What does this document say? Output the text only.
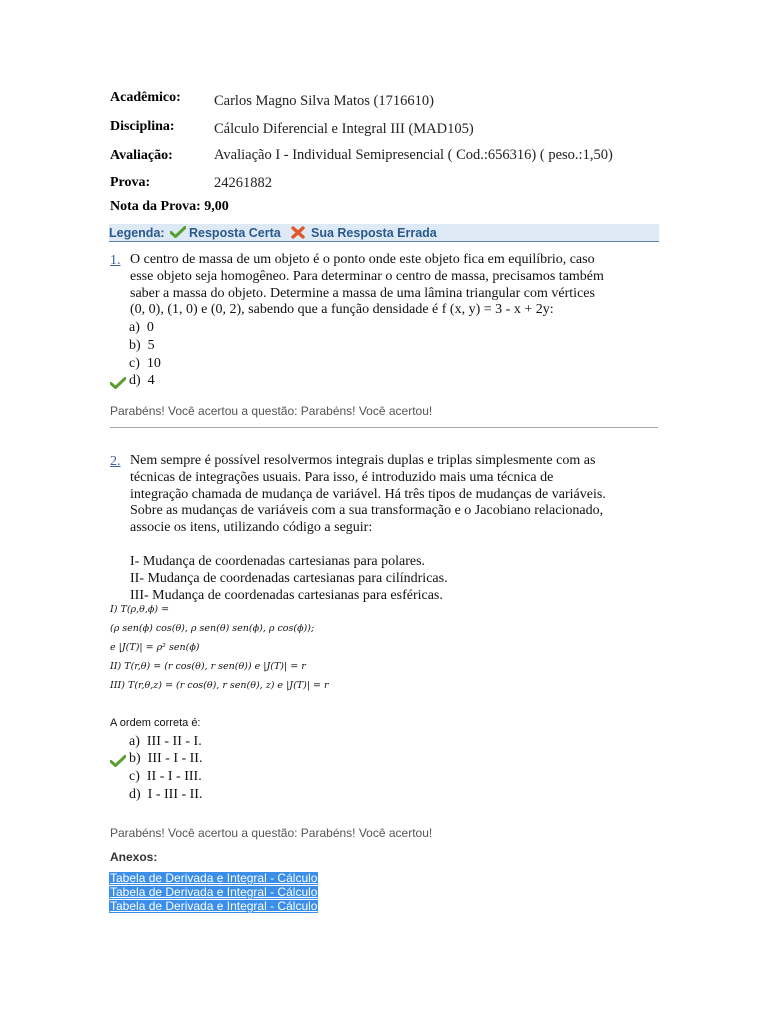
Acadêmico: Carlos Magno Silva Matos (1716610)
Disciplina:	Cálculo Diferencial e Integral III (MAD105)
Avaliação:	Avaliação I - Individual Semipresencial ( Cod.:656316) ( peso.:1,50)
Prova:	24261882
Nota da Prova: 9,00
Legenda: Resposta Certa Sua Resposta Errada
1. O centro de massa de um objeto é o ponto onde este objeto fica em equilíbrio, caso
esse objeto seja homogêneo. Para determinar o centro de massa, precisamos também
saber a massa do objeto. Determine a massa de uma lâmina triangular com vértices
(0, 0), (1, 0) e (0, 2), sabendo que a função densidade é f (x, y) = 3 - x + 2y:
a) 0
b) 5
c) 10
d) 4
Parabéns! Você acertou a questão: Parabéns! Você acertou!
2. Nem sempre é possível resolvermos integrais duplas e triplas simplesmente com as
técnicas de integrações usuais. Para isso, é introduzido mais uma técnica de
integração chamada de mudança de variável. Há três tipos de mudanças de variáveis.
Sobre as mudanças de variáveis com a sua transformação e o Jacobiano relacionado,
associe os itens, utilizando código a seguir:
I- Mudança de coordenadas cartesianas para polares.
II- Mudança de coordenadas cartesianas para cilíndricas.
III- Mudança de coordenadas cartesianas para esféricas.
I) T(ρ,θ,ϕ) =
(ρ sen(ϕ) cos(θ), ρ sen(θ) sen(ϕ), ρ cos(ϕ));
e |J(T)| = ρ² sen(ϕ)
II) T(r,θ) = (r cos(θ), r sen(θ)) e |J(T)| = r
III) T(r,θ,z) = (r cos(θ), r sen(θ), z) e |J(T)| = r
A ordem correta é:
a) III - II - I.
b) III - I - II.
c) II - I - III.
d) I - III - II.
Parabéns! Você acertou a questão: Parabéns! Você acertou!
Anexos:
Tabela de Derivada e Integral - Cálculo
Tabela de Derivada e Integral - Cálculo
Tabela de Derivada e Integral - Cálculo
